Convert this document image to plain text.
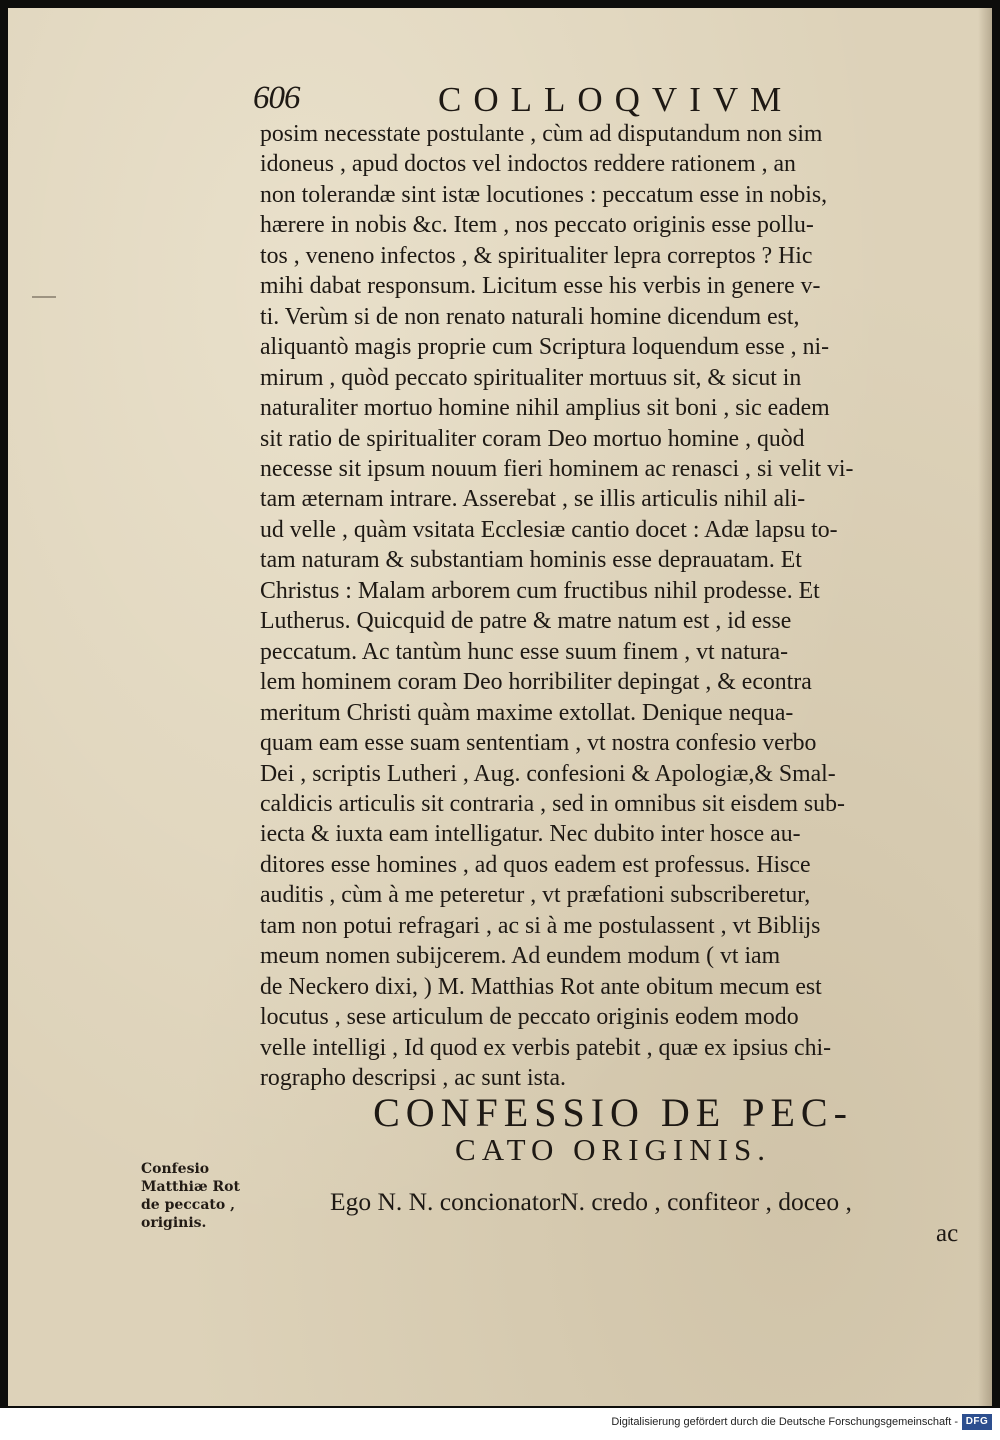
606	COLLOQVIVM

posim necesstate postulante , cùm ad disputandum non sim
idoneus , apud doctos vel indoctos reddere rationem , an
non tolerandæ sint istæ locutiones : peccatum esse in nobis,
hærere in nobis &c. Item , nos peccato originis esse pollu-
tos , veneno infectos , & spiritualiter lepra correptos ? Hic
mihi dabat responsum. Licitum esse his verbis in genere v-
ti. Verùm si de non renato naturali homine dicendum est,
aliquantò magis proprie cum Scriptura loquendum esse , ni-
mirum , quòd peccato spiritualiter mortuus sit, & sicut in
naturaliter mortuo homine nihil amplius sit boni , sic eadem
sit ratio de spiritualiter coram Deo mortuo homine , quòd
necesse sit ipsum nouum fieri hominem ac renasci , si velit vi-
tam æternam intrare. Asserebat , se illis articulis nihil ali-
ud velle , quàm vsitata Ecclesiæ cantio docet : Adæ lapsu to-
tam naturam & substantiam hominis esse deprauatam. Et
Christus : Malam arborem cum fructibus nihil prodesse. Et
Lutherus. Quicquid de patre & matre natum est , id esse
peccatum. Ac tantùm hunc esse suum finem , vt natura-
lem hominem coram Deo horribiliter depingat , & econtra
meritum Christi quàm maxime extollat. Denique nequa-
quam eam esse suam sententiam , vt nostra confesio verbo
Dei , scriptis Lutheri , Aug. confesioni & Apologiæ,& Smal-
caldicis articulis sit contraria , sed in omnibus sit eisdem sub-
iecta & iuxta eam intelligatur. Nec dubito inter hosce au-
ditores esse homines , ad quos eadem est professus. Hisce
auditis , cùm à me peteretur , vt præfationi subscriberetur,
tam non potui refragari , ac si à me postulassent , vt Biblijs
meum nomen subijcerem. Ad eundem modum ( vt iam
de Neckero dixi, ) M. Matthias Rot ante obitum mecum est
locutus , sese articulum de peccato originis eodem modo
velle intelligi , Id quod ex verbis patebit , quæ ex ipsius chi-
rographo descripsi , ac sunt ista.

CONFESSIO DE PEC-
CATO ORIGINIS.
Confesio
Matthiæ Rot
de peccato ,
originis.

Ego N. N. concionatorN. credo , confiteor , doceo ,

ac
Digitalisierung gefördert durch die Deutsche Forschungsgemeinschaft - DFG
